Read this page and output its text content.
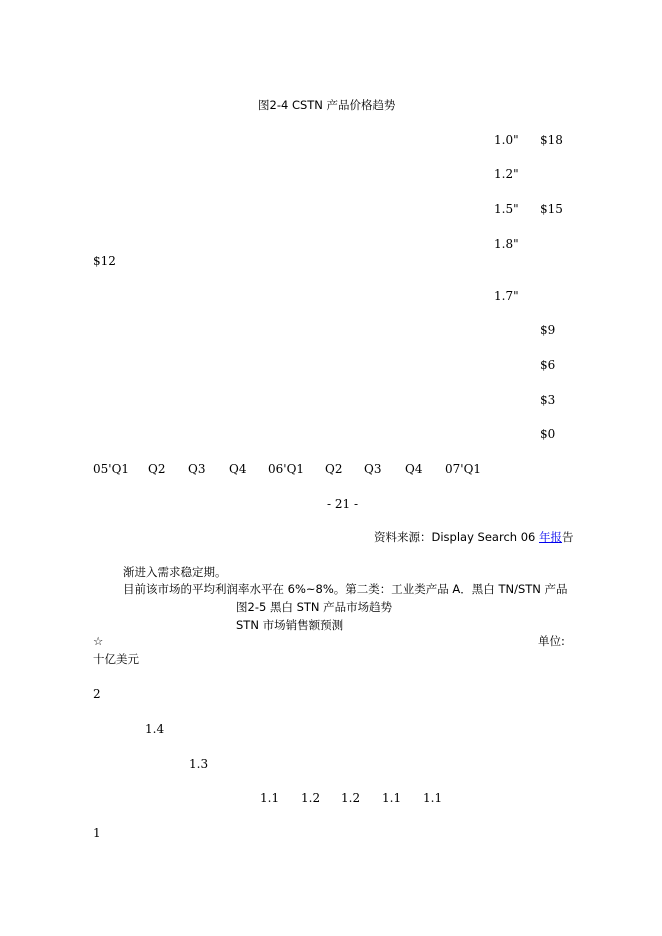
图2-4 CSTN 产品价格趋势
1.0"
1.2"
1.5"
1.8"
1.7"
$18
$15
$9
$6
$3
$0
$12
05'Q1 Q2 Q3 Q4 06'Q1 Q2 Q3 Q4 07'Q1
- 21 -
资料来源：Display Search 06 年报告
渐进入需求稳定期。
目前该市场的平均利润率水平在 6%~8%。第二类：工业类产品 A．黑白 TN/STN 产品
图2-5 黑白 STN 产品市场趋势
STN 市场销售额预测
☆	单位:
十亿美元
2
1.4
1.3
1.1 1.2 1.2 1.1 1.1
1
